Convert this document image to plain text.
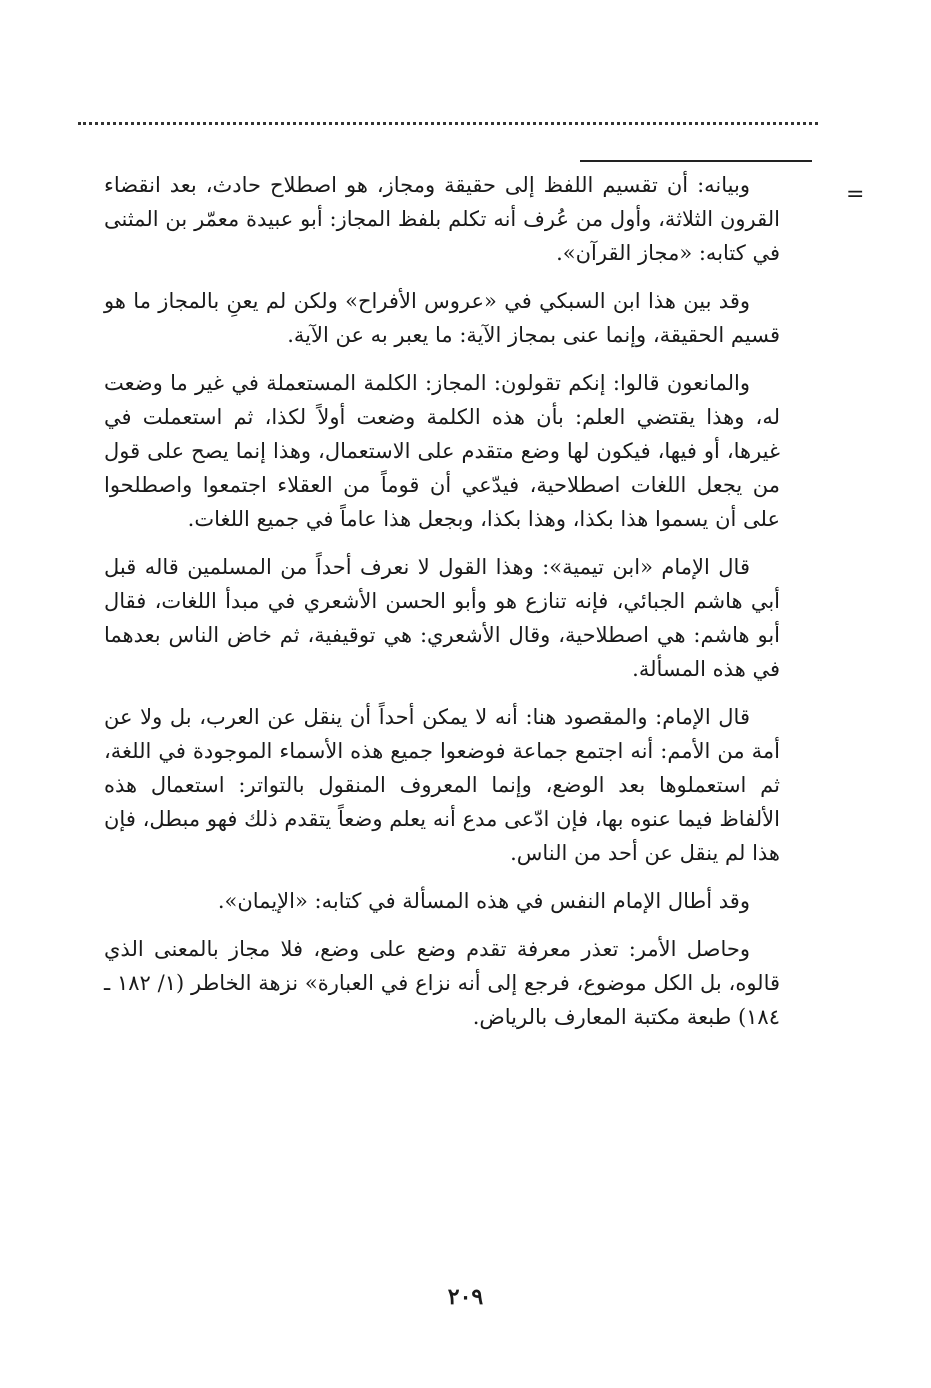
=

وبيانه: أن تقسيم اللفظ إلى حقيقة ومجاز، هو اصطلاح حادث، بعد انقضاء القرون الثلاثة، وأول من عُرف أنه تكلم بلفظ المجاز: أبو عبيدة معمّر بن المثنى في كتابه: «مجاز القرآن».

وقد بين هذا ابن السبكي في «عروس الأفراح» ولكن لم يعنِ بالمجاز ما هو قسيم الحقيقة، وإنما عنى بمجاز الآية: ما يعبر به عن الآية.

والمانعون قالوا: إنكم تقولون: المجاز: الكلمة المستعملة في غير ما وضعت له، وهذا يقتضي العلم: بأن هذه الكلمة وضعت أولاً لكذا، ثم استعملت في غيرها، أو فيها، فيكون لها وضع متقدم على الاستعمال، وهذا إنما يصح على قول من يجعل اللغات اصطلاحية، فيدّعي أن قوماً من العقلاء اجتمعوا واصطلحوا على أن يسموا هذا بكذا، وهذا بكذا، وبجعل هذا عاماً في جميع اللغات.

قال الإمام «ابن تيمية»: وهذا القول لا نعرف أحداً من المسلمين قاله قبل أبي هاشم الجبائي، فإنه تنازع هو وأبو الحسن الأشعري في مبدأ اللغات، فقال أبو هاشم: هي اصطلاحية، وقال الأشعري: هي توقيفية، ثم خاض الناس بعدهما في هذه المسألة.

قال الإمام: والمقصود هنا: أنه لا يمكن أحداً أن ينقل عن العرب، بل ولا عن أمة من الأمم: أنه اجتمع جماعة فوضعوا جميع هذه الأسماء الموجودة في اللغة، ثم استعملوها بعد الوضع، وإنما المعروف المنقول بالتواتر: استعمال هذه الألفاظ فيما عنوه بها، فإن ادّعى مدع أنه يعلم وضعاً يتقدم ذلك فهو مبطل، فإن هذا لم ينقل عن أحد من الناس.

وقد أطال الإمام النفس في هذه المسألة في كتابه: «الإيمان».

وحاصل الأمر: تعذر معرفة تقدم وضع على وضع، فلا مجاز بالمعنى الذي قالوه، بل الكل موضوع، فرجع إلى أنه نزاع في العبارة» نزهة الخاطر (١/ ١٨٢ ـ ١٨٤) طبعة مكتبة المعارف بالرياض.

٢٠٩
